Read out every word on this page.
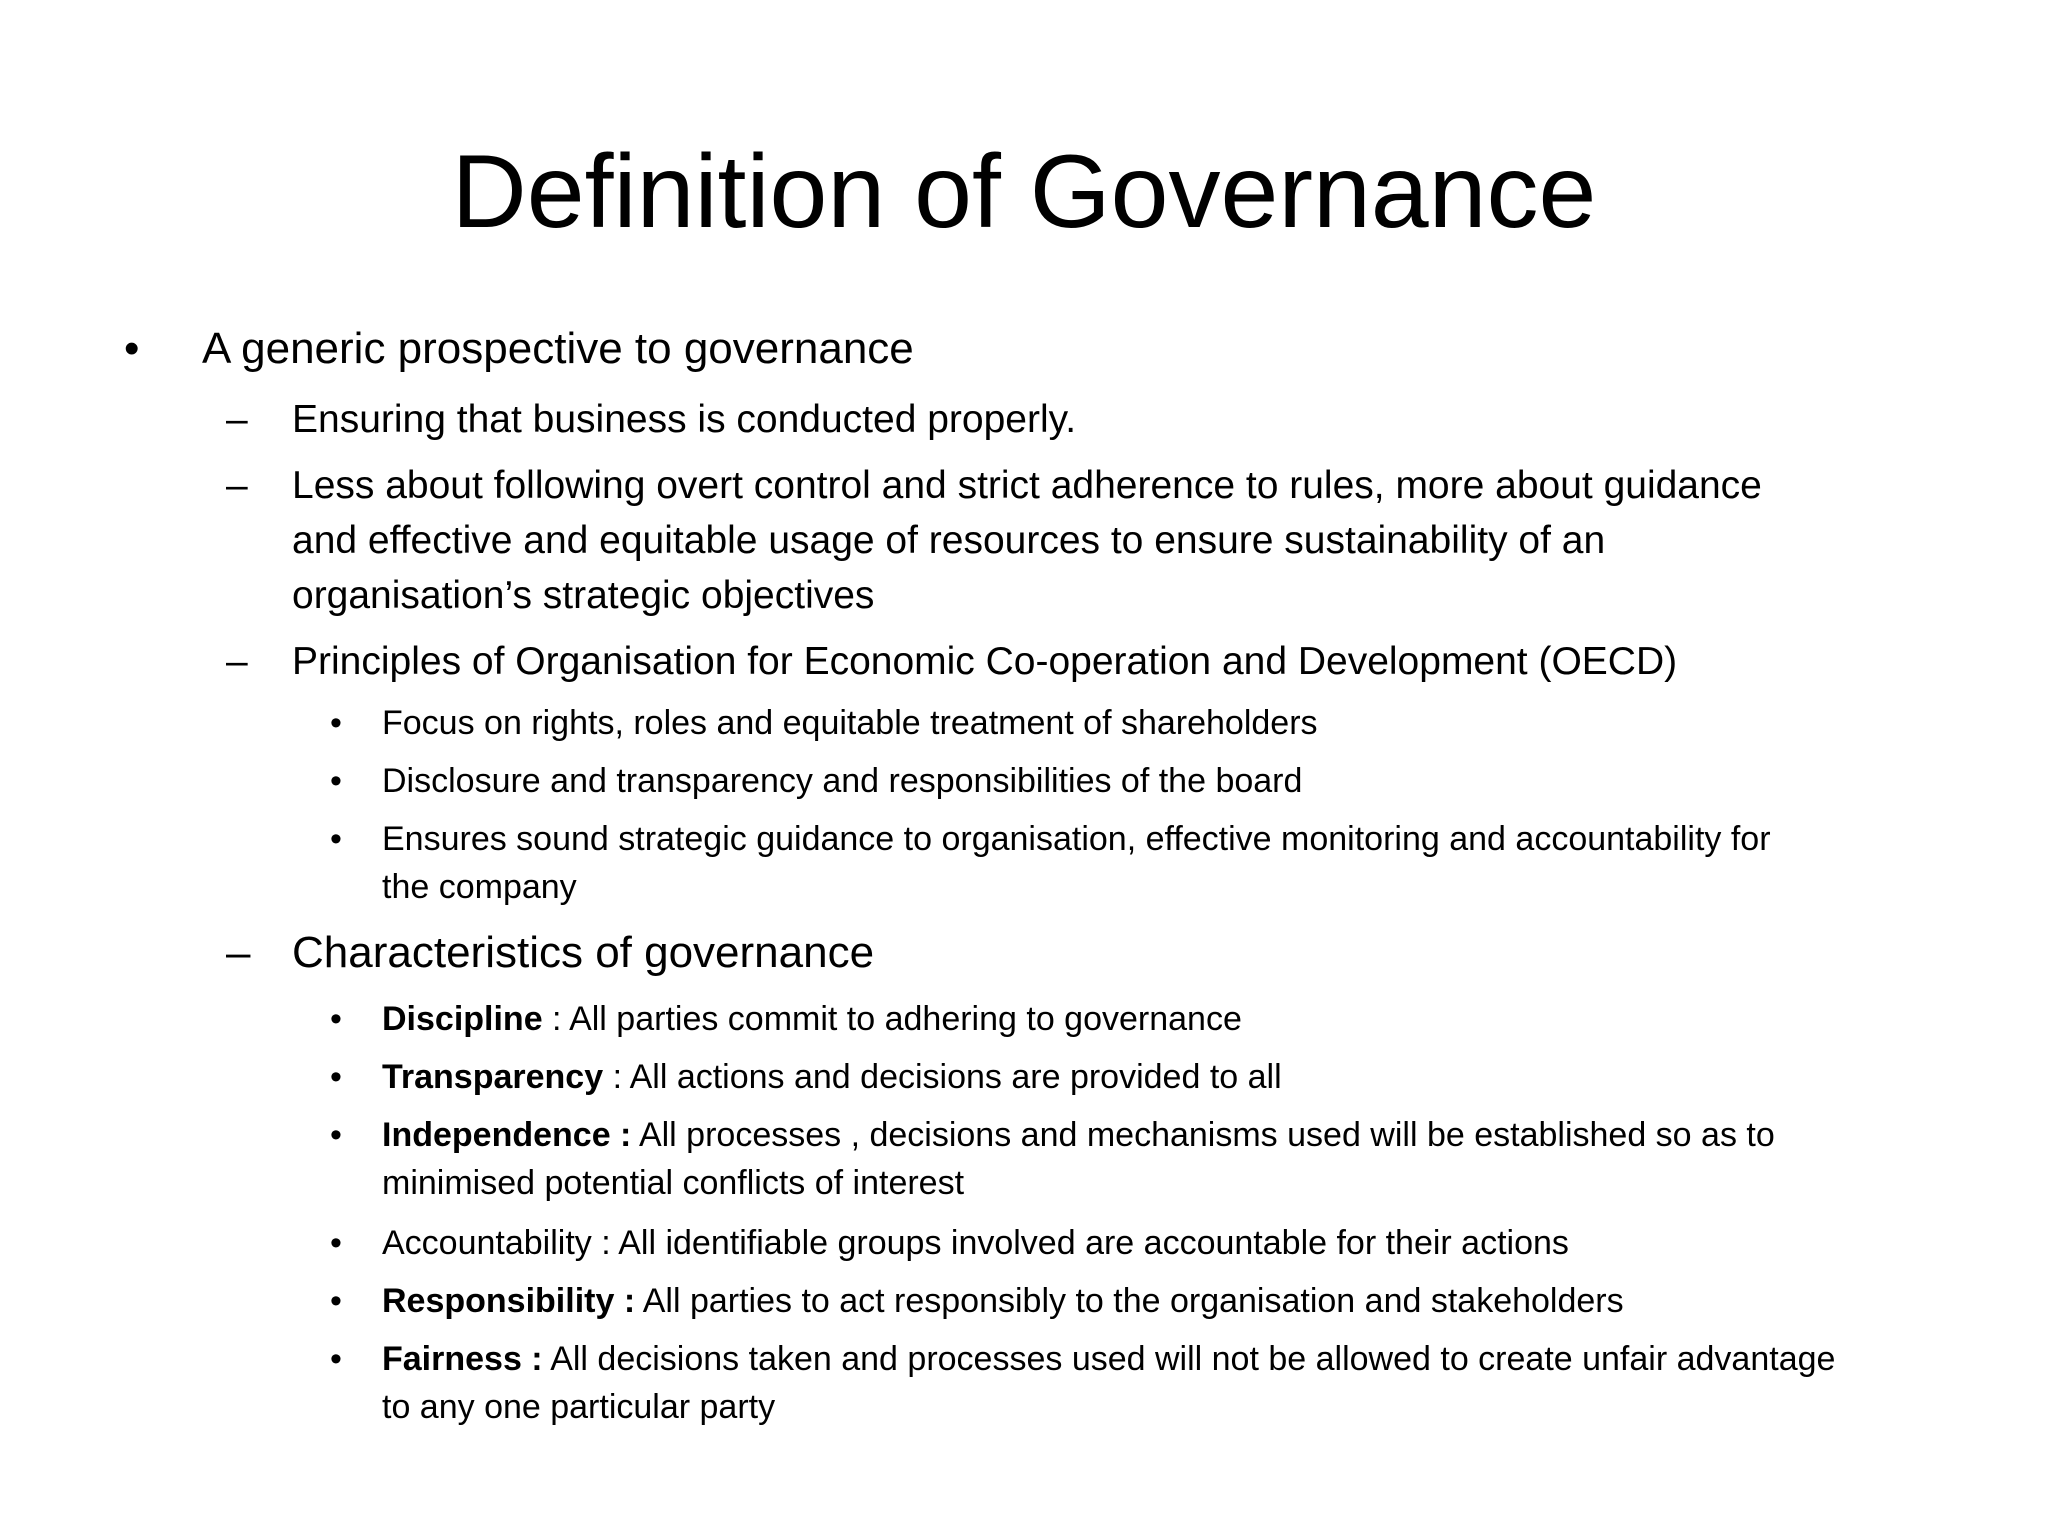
Definition of Governance
• A generic prospective to governance
– Ensuring that business is conducted properly.
– Less about following overt control and strict adherence to rules, more about guidance
and effective and equitable usage of resources to ensure sustainability of an
organisation’s strategic objectives
– Principles of Organisation for Economic Co-operation and Development (OECD)
• Focus on rights, roles and equitable treatment of shareholders
• Disclosure and transparency and responsibilities of the board
• Ensures sound strategic guidance to organisation, effective monitoring and accountability for
the company
– Characteristics of governance
• Discipline : All parties commit to adhering to governance
• Transparency : All actions and decisions are provided to all
• Independence : All processes , decisions and mechanisms used will be established so as to
minimised potential conflicts of interest
• Accountability : All identifiable groups involved are accountable for their actions
• Responsibility : All parties to act responsibly to the organisation and stakeholders
• Fairness : All decisions taken and processes used will not be allowed to create unfair advantage
to any one particular party
